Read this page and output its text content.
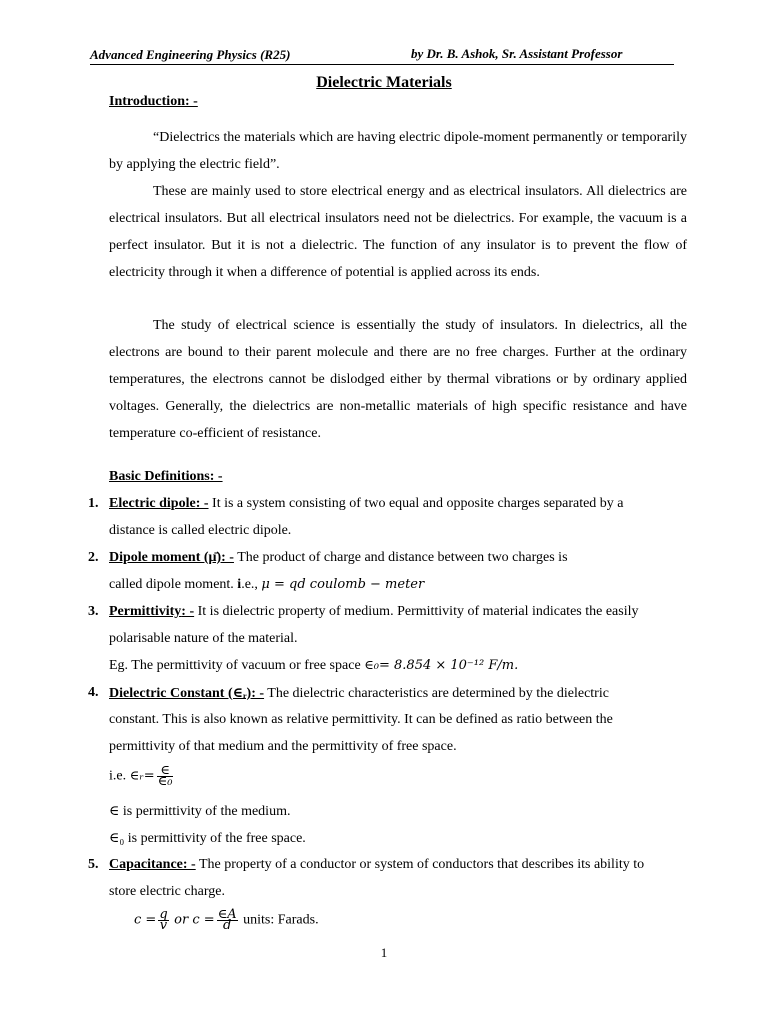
Advanced Engineering Physics (R25)	by Dr. B. Ashok, Sr. Assistant Professor
Dielectric Materials
Introduction: -
“Dielectrics the materials which are having electric dipole-moment permanently or temporarily by applying the electric field”.
These are mainly used to store electrical energy and as electrical insulators. All dielectrics are electrical insulators. But all electrical insulators need not be dielectrics. For example, the vacuum is a perfect insulator. But it is not a dielectric. The function of any insulator is to prevent the flow of electricity through it when a difference of potential is applied across its ends.
The study of electrical science is essentially the study of insulators. In dielectrics, all the electrons are bound to their parent molecule and there are no free charges. Further at the ordinary temperatures, the electrons cannot be dislodged either by thermal vibrations or by ordinary applied voltages. Generally, the dielectrics are non-metallic materials of high specific resistance and have temperature co-efficient of resistance.
Basic Definitions: -
1. Electric dipole: - It is a system consisting of two equal and opposite charges separated by a
distance is called electric dipole.
2. Dipole moment (μ̄): - The product of charge and distance between two charges is
called dipole moment. i.e., μ = qd coulomb − meter
3. Permittivity: - It is dielectric property of medium. Permittivity of material indicates the easily
polarisable nature of the material.
Eg. The permittivity of vacuum or free space ∈₀= 8.854 × 10⁻¹² F/m.
4. Dielectric Constant (∈ᵣ): - The dielectric characteristics are determined by the dielectric
constant. This is also known as relative permittivity. It can be defined as ratio between the
permittivity of that medium and the permittivity of free space.
i.e. ∈ᵣ= $\frac{\in}{\text{∈₀}}$
∈ is permittivity of the medium.
∈₀ is permittivity of the free space.
5. Capacitance: - The property of a conductor or system of conductors that describes its ability to
store electric charge.
$c = \frac{q}{v}$ or $c = \frac{\in A}{d}$ units: Farads.
1
